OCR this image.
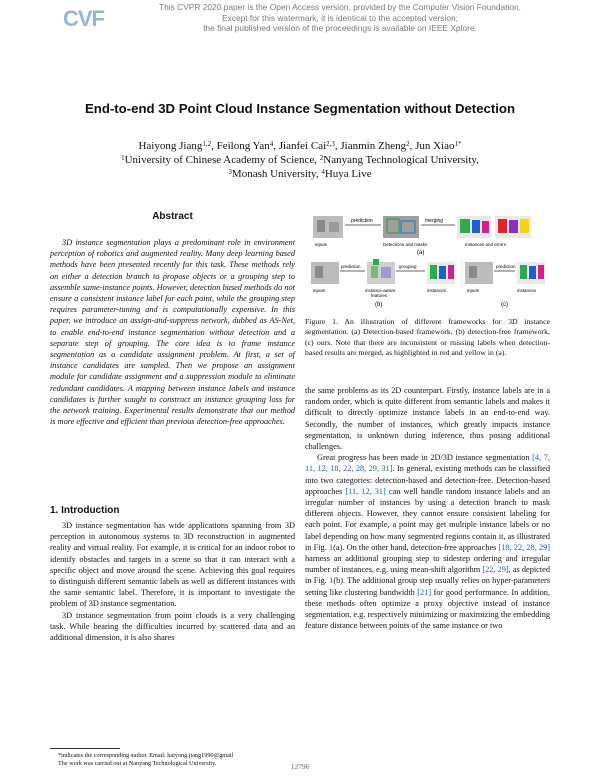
CVF	This CVPR 2020 paper is the Open Access version, provided by the Computer Vision Foundation.
Except for this watermark, it is identical to the accepted version;
the final published version of the proceedings is available on IEEE Xplore.
End-to-end 3D Point Cloud Instance Segmentation without Detection
Haiyong Jiang$^{1,2}$, Feilong Yan$^4$, Jianfei Cai$^{2,3}$, Jianmin Zheng$^2$, Jun Xiao$^{1*}$
$^1$University of Chinese Academy of Science, $^2$Nanyang Technological University,
$^3$Monash University, $^4$Huya Live
Abstract

3D instance segmentation plays a predominant role in environment perception of robotics and augmented reality. Many deep learning based methods have been presented recently for this task. These methods rely on either a detection branch to propose objects or a grouping step to assemble same-instance points. However, detection based methods do not ensure a consistent instance label for each point, while the grouping step requires parameter-tuning and is computationally expensive. In this paper, we introduce an assign-and-suppress network, dubbed as AS-Net, to enable end-to-end instance segmentation without detection and a separate step of grouping. The core idea is to frame instance segmentation as a candidate assignment problem. At first, a set of instance candidates are sampled. Then we propose an assignment module for candidate assignment and a suppression module to eliminate redundant candidates. A mapping between instance labels and instance candidates is further sought to construct an instance grouping loss for the network training. Experimental results demonstrate that our method is more effective and efficient than previous detection-free approaches.

1. Introduction

3D instance segmentation has wide applications spanning from 3D perception in autonomous systems to 3D reconstruction in augmented reality and virtual reality. For example, it is critical for an indoor robot to identify obstacles and targets in a scene so that it can interact with a specific object and move around the scene. Achieving this goal requires to distinguish different semantic labels as well as different instances with the same semantic label. Therefore, it is important to investigate the problem of 3D instance segmentation.

3D instance segmentation from point clouds is a very challenging task. While bearing the difficulties incurred by scattered data and an additional dimension, it is also shares

*indicates the corresponding author. Email: haiyong.jiang1990@gmail
The work was carried out at Nanyang Technological University.
prediction	merging
inputs	Detections and masks	Instances and errors
(a)
prediction	grouping	prediction
inputs	instance-aware
features
instances	inputs	instances
(b)	(c)

Figure 1. An illustration of different frameworks for 3D instance segmentation. (a) Detection-based framework, (b) detection-free framework, (c) ours. Note that there are inconsistent or missing labels when detection-based results are merged, as highlighted in red and yellow in (a).

the same problems as its 2D counterpart. Firstly, instance labels are in a random order, which is quite different from semantic labels and makes it difficult to directly optimize instance labels in an end-to-end way. Secondly, the number of instances, which greatly impacts instance segmentation, is unknown during inference, thus posing additional challenges.

Great progress has been made in 2D/3D instance segmentation [4, 7, 11, 12, 18, 22, 28, 29, 31]. In general, existing methods can be classified into two categories: detection-based and detection-free. Detection-based approaches [11, 12, 31] can well handle random instance labels and an irregular number of instances by using a detection branch to mask different objects. However, they cannot ensure consistent labeling for each point. For example, a point may get multiple instance labels or no label depending on how many segmented regions contain it, as illustrated in Fig. 1(a). On the other hand, detection-free approaches [18, 22, 28, 29] harness an additional grouping step to sidestep ordering and irregular number of instances, e.g. using mean-shift algorithm [22, 29], as depicted in Fig. 1(b). The additional group step usually relies on hyper-parameters setting like clustering bandwidth [21] for good performance. In addition, these methods often optimize a proxy objective instead of instance segmentation, e.g. respectively minimizing or maximizing the embedding feature distance between points of the same instance or two

12796
